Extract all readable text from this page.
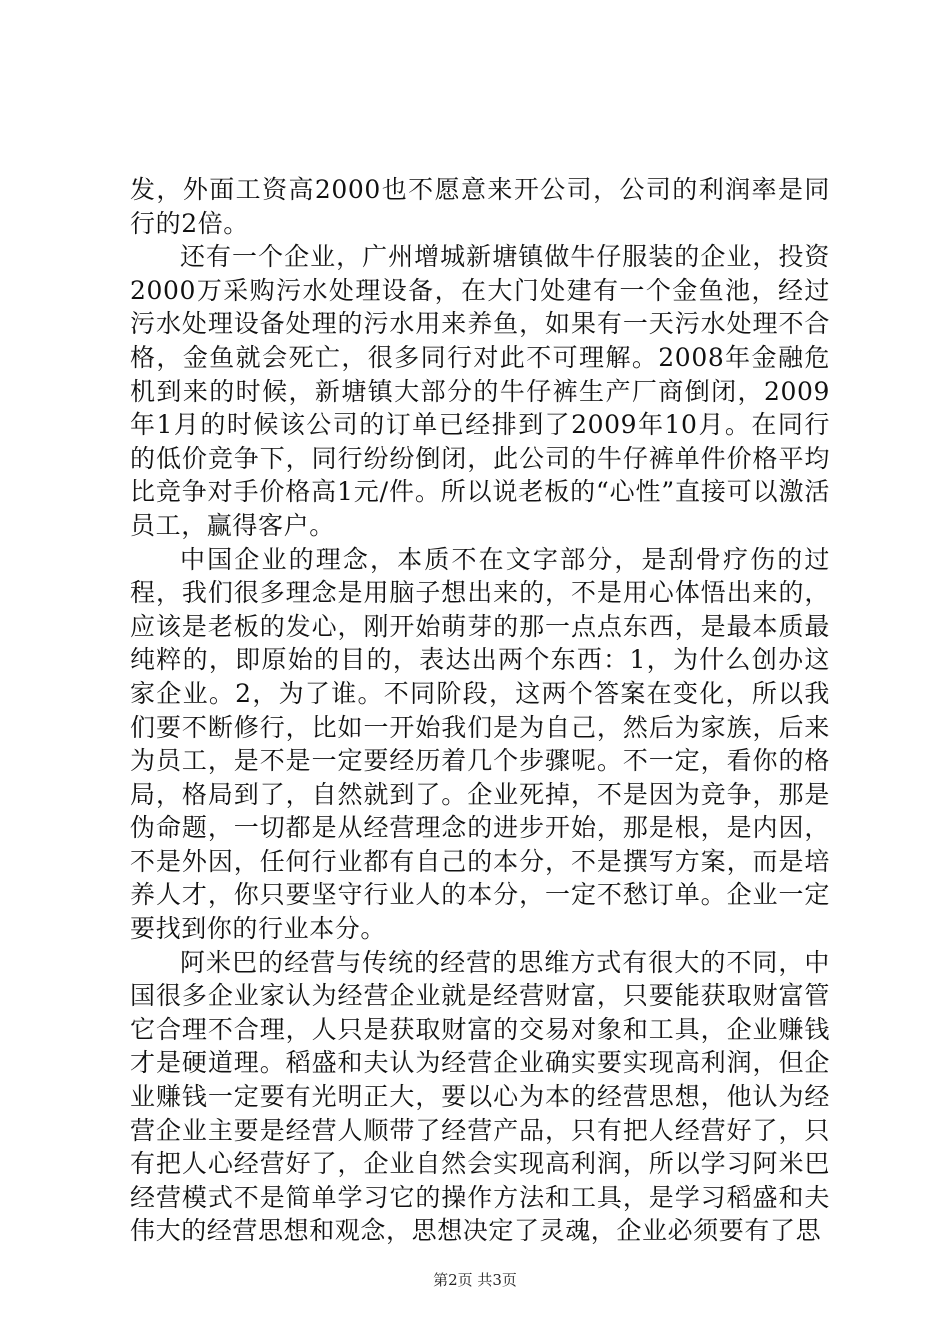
发，外面工资高2000也不愿意来开公司，公司的利润率是同行的2倍。

还有一个企业，广州增城新塘镇做牛仔服装的企业，投资2000万采购污水处理设备，在大门处建有一个金鱼池，经过污水处理设备处理的污水用来养鱼，如果有一天污水处理不合格，金鱼就会死亡，很多同行对此不可理解。2008年金融危机到来的时候，新塘镇大部分的牛仔裤生产厂商倒闭，2009年1月的时候该公司的订单已经排到了2009年10月。在同行的低价竞争下，同行纷纷倒闭，此公司的牛仔裤单件价格平均比竞争对手价格高1元/件。所以说老板的“心性”直接可以激活员工，赢得客户。

中国企业的理念，本质不在文字部分，是刮骨疗伤的过程，我们很多理念是用脑子想出来的，不是用心体悟出来的，应该是老板的发心，刚开始萌芽的那一点点东西，是最本质最纯粹的，即原始的目的，表达出两个东西：1，为什么创办这家企业。2，为了谁。不同阶段，这两个答案在变化，所以我们要不断修行，比如一开始我们是为自己，然后为家族，后来为员工，是不是一定要经历着几个步骤呢。不一定，看你的格局，格局到了，自然就到了。企业死掉，不是因为竞争，那是伪命题，一切都是从经营理念的进步开始，那是根，是内因，不是外因，任何行业都有自己的本分，不是撰写方案，而是培养人才，你只要坚守行业人的本分，一定不愁订单。企业一定要找到你的行业本分。

阿米巴的经营与传统的经营的思维方式有很大的不同，中国很多企业家认为经营企业就是经营财富，只要能获取财富管它合理不合理，人只是获取财富的交易对象和工具，企业赚钱才是硬道理。稻盛和夫认为经营企业确实要实现高利润，但企业赚钱一定要有光明正大，要以心为本的经营思想，他认为经营企业主要是经营人顺带了经营产品，只有把人经营好了，只有把人心经营好了，企业自然会实现高利润，所以学习阿米巴经营模式不是简单学习它的操作方法和工具，是学习稻盛和夫伟大的经营思想和观念，思想决定了灵魂，企业必须要有了思

第2页 共3页
